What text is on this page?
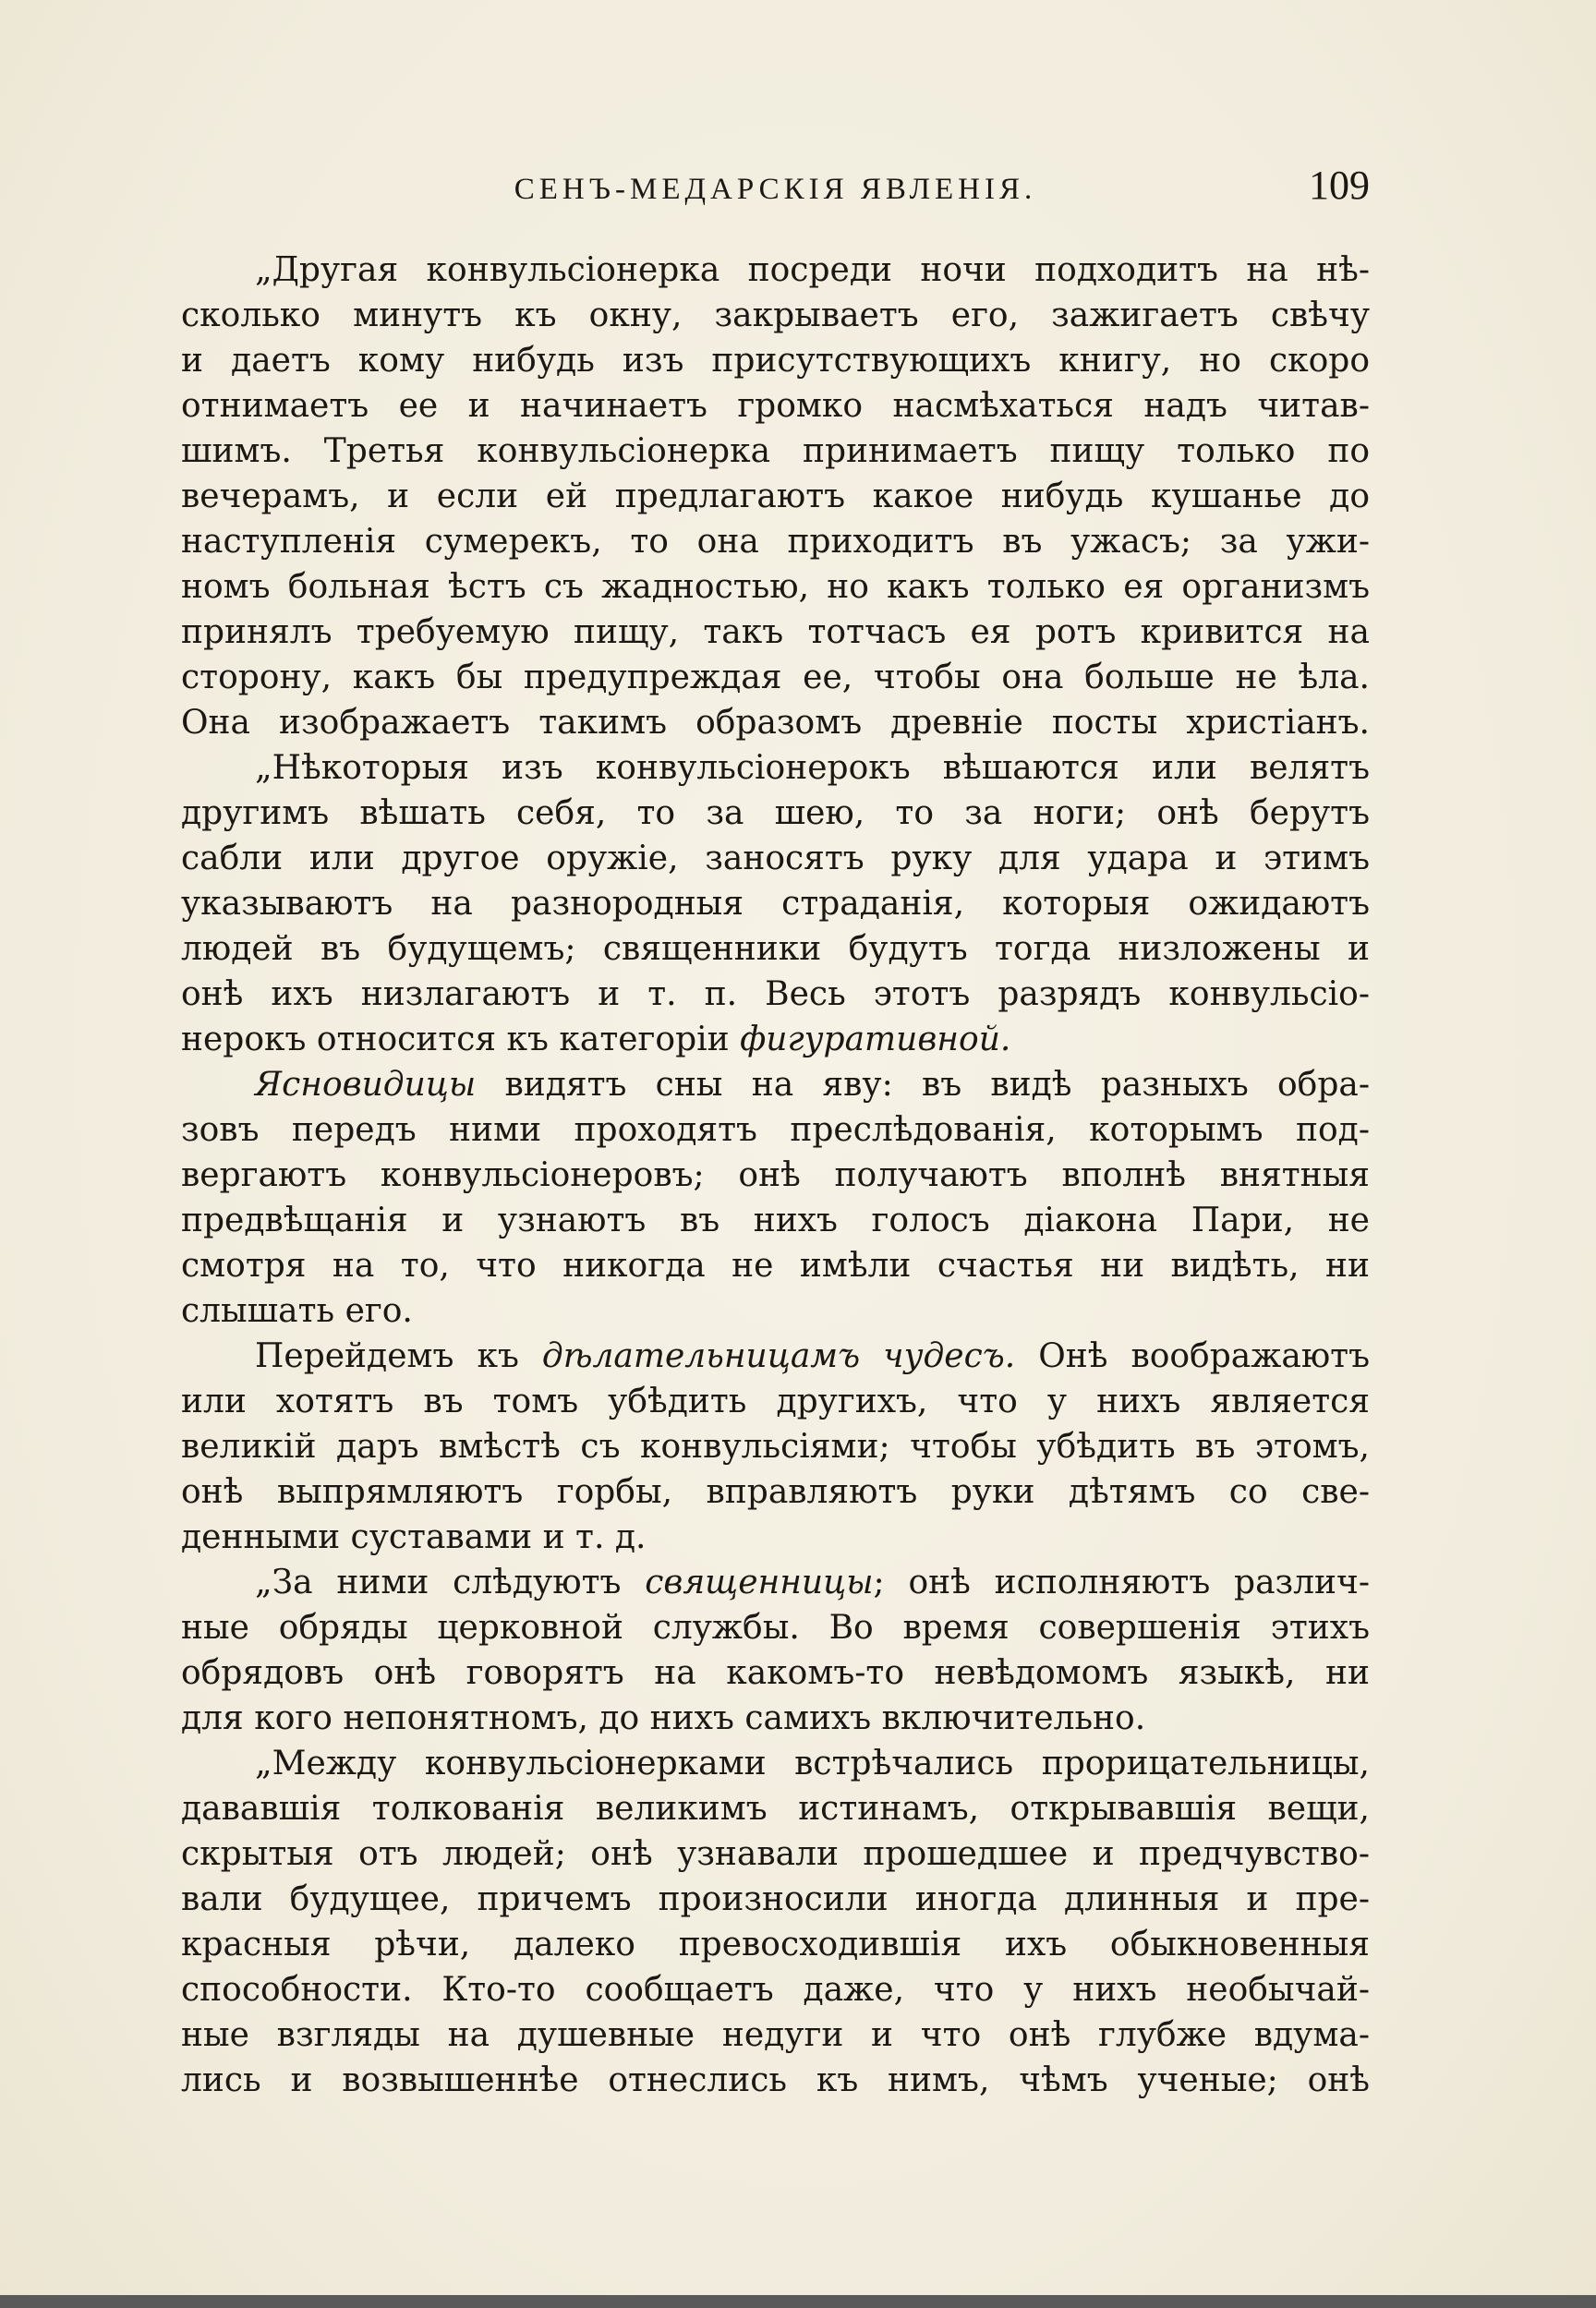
СЕНЪ-МЕДАРСКІЯ ЯВЛЕНІЯ.	109
„Другая конвульсіонерка посреди ночи подходитъ на нѣ-
сколько минутъ къ окну, закрываетъ его, зажигаетъ свѣчу
и даетъ кому нибудь изъ присутствующихъ книгу, но скоро
отнимаетъ ее и начинаетъ громко насмѣхаться надъ читав-
шимъ. Третья конвульсіонерка принимаетъ пищу только по
вечерамъ, и если ей предлагаютъ какое нибудь кушанье до
наступленія сумерекъ, то она приходитъ въ ужасъ; за ужи-
номъ больная ѣстъ съ жадностью, но какъ только ея организмъ
принялъ требуемую пищу, такъ тотчасъ ея ротъ кривится на
сторону, какъ бы предупреждая ее, чтобы она больше не ѣла.
Она изображаетъ такимъ образомъ древніе посты христіанъ.
„Нѣкоторыя изъ конвульсіонерокъ вѣшаются или велятъ
другимъ вѣшать себя, то за шею, то за ноги; онѣ берутъ
сабли или другое оружіе, заносятъ руку для удара и этимъ
указываютъ на разнородныя страданія, которыя ожидаютъ
людей въ будущемъ; священники будутъ тогда низложены и
онѣ ихъ низлагаютъ и т. п. Весь этотъ разрядъ конвульсіо-
нерокъ относится къ категоріи фигуративной.
Ясновидицы видятъ сны на яву: въ видѣ разныхъ обра-
зовъ передъ ними проходятъ преслѣдованія, которымъ под-
вергаютъ конвульсіонеровъ; онѣ получаютъ вполнѣ внятныя
предвѣщанія и узнаютъ въ нихъ голосъ діакона Пари, не
смотря на то, что никогда не имѣли счастья ни видѣть, ни
слышать его.
Перейдемъ къ дѣлательницамъ чудесъ. Онѣ воображаютъ
или хотятъ въ томъ убѣдить другихъ, что у нихъ является
великій даръ вмѣстѣ съ конвульсіями; чтобы убѣдить въ этомъ,
онѣ выпрямляютъ горбы, вправляютъ руки дѣтямъ со све-
денными суставами и т. д.
„За ними слѣдуютъ священницы; онѣ исполняютъ различ-
ные обряды церковной службы. Во время совершенія этихъ
обрядовъ онѣ говорятъ на какомъ-то невѣдомомъ языкѣ, ни
для кого непонятномъ, до нихъ самихъ включительно.
„Между конвульсіонерками встрѣчались прорицательницы,
дававшія толкованія великимъ истинамъ, открывавшія вещи,
скрытыя отъ людей; онѣ узнавали прошедшее и предчувство-
вали будущее, причемъ произносили иногда длинныя и пре-
красныя рѣчи, далеко превосходившія ихъ обыкновенныя
способности. Кто-то сообщаетъ даже, что у нихъ необычай-
ные взгляды на душевные недуги и что онѣ глубже вдума-
лись и возвышеннѣе отнеслись къ нимъ, чѣмъ ученые; онѣ
